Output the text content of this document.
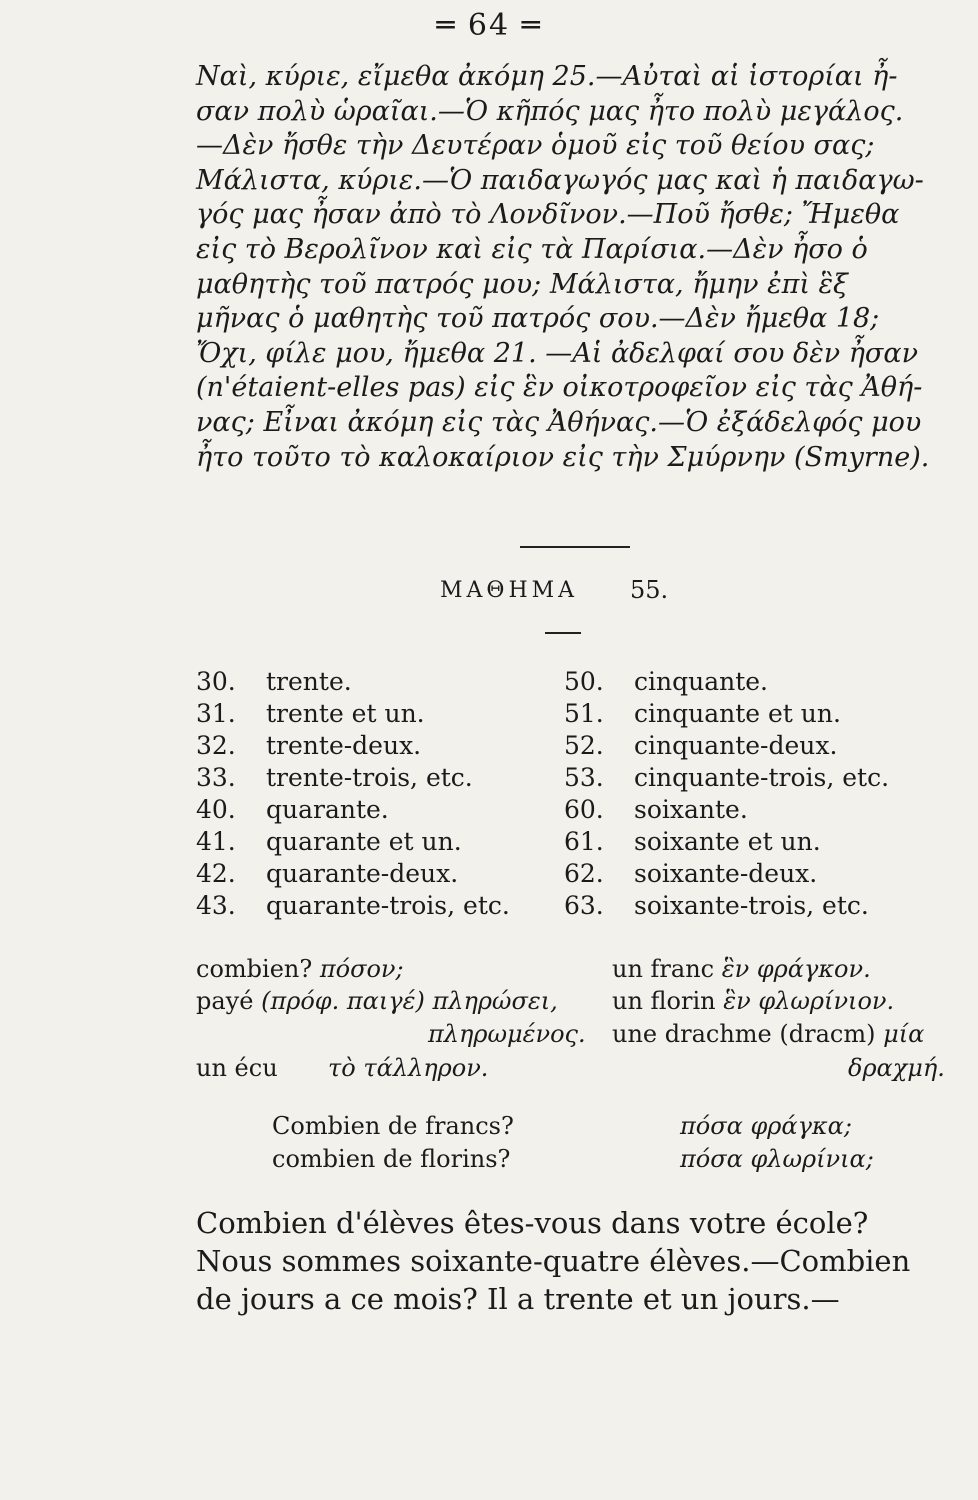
═ 64 ═
Ναὶ, κύριε, εἴμεθα ἀκόμη 25.—Αὐταὶ αἱ ἱστορίαι ἦ-
σαν πολὺ ὡραῖαι.—Ὁ κῆπός μας ἦτο πολὺ μεγάλος.
—Δὲν ἤσθε τὴν Δευτέραν ὁμοῦ εἰς τοῦ θείου σας;
Μάλιστα, κύριε.—Ὁ παιδαγωγός μας καὶ ἡ παιδαγω-
γός μας ἦσαν ἀπὸ τὸ Λονδῖνον.—Ποῦ ἤσθε; Ἤμεθα
εἰς τὸ Βερολῖνον καὶ εἰς τὰ Παρίσια.—Δὲν ἦσο ὁ
μαθητὴς τοῦ πατρός μου; Μάλιστα, ἤμην ἐπὶ ἓξ
μῆνας ὁ μαθητὴς τοῦ πατρός σου.—Δὲν ἤμεθα 18;
Ὄχι, φίλε μου, ἤμεθα 21. —Αἱ ἀδελφαί σου δὲν ἦσαν
(n'étaient-elles pas) εἰς ἓν οἰκοτροφεῖον εἰς τὰς Ἀθή-
νας; Εἶναι ἀκόμη εἰς τὰς Ἀθήνας.—Ὁ ἐξάδελφός μου
ἦτο τοῦτο τὸ καλοκαίριον εἰς τὴν Σμύρνην (Smyrne).
ΜΑΘΗΜΑ 55.
30. trente.	50. cinquante.
31. trente et un.	51. cinquante et un.
32. trente-deux.	52. cinquante-deux.
33. trente-trois, etc.	53. cinquante-trois, etc.
40. quarante.	60. soixante.
41. quarante et un.	61. soixante et un.
42. quarante-deux.	62. soixante-deux.
43. quarante-trois, etc. 63. soixante-trois, etc.
combien? πόσον;	un franc ἓν φράγκον.
payé (πρόφ. παιγέ) πληρώσει, un florin ἓν φλωρίνιον.
πληρωμένος. une drachme (dracm) μία
un écu τὸ τάλληρον.	δραχμή.
Combien de francs?	πόσα φράγκα;
combien de florins?	πόσα φλωρίνια;
Combien d'élèves êtes-vous dans votre école?
Nous sommes soixante-quatre élèves.—Combien
de jours a ce mois? Il a trente et un jours.—
